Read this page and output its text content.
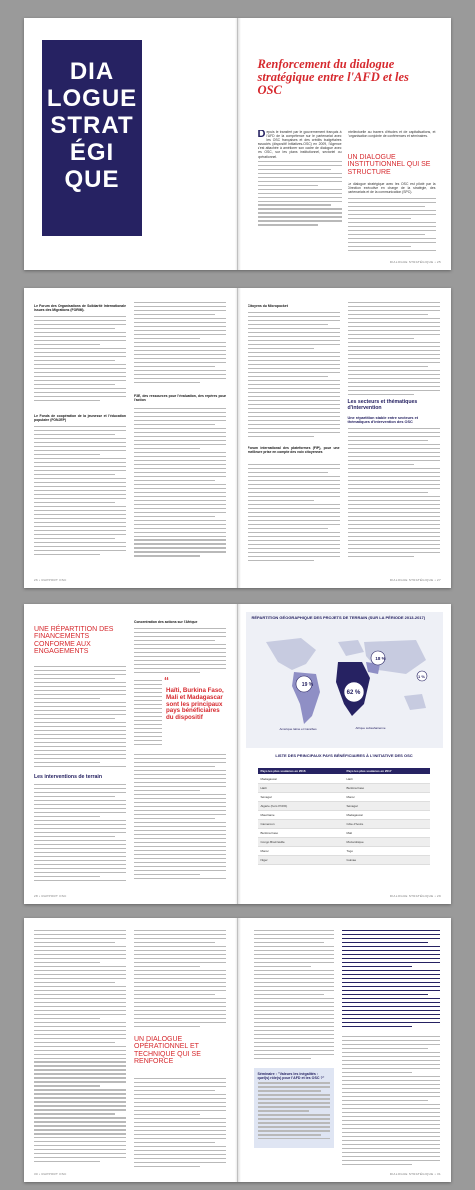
DIA
LOGUE
STRAT
ÉGI
QUE
Renforcement du dialogue stratégique entre l'AFD et les OSC

Depuis le transfert par le gouvernement français à l'AFD de la compétence sur le partenariat avec les OSC françaises et des crédits budgétaires associés (dispositif Initiatives-OSC) en 2009, l'Agence s'est attachée à améliorer son cadre de dialogue avec les OSC, sur les plans institutionnel, sectoriel ou opérationnel.

intellectuelle au travers d'études et de capitalisations, et l'organisation conjointe de conférences et séminaires.

UN DIALOGUE INSTITUTIONNEL QUI SE STRUCTURE

Le dialogue stratégique avec les OSC est piloté par la Direction exécutive en charge de la stratégie, des partenariats et de la communication (SPC).

DIALOGUE STRATÉGIQUE • 25

Le Forum des Organisations de Solidarité Internationale issues des Migrations (FORIM).

Le Fonds de coopération de la jeunesse et l'éducation populaire (FONJEP)

F3E, des ressources pour l'évaluation, des repères pour l'action

26 • RAPPORT OSC

Citoyens du Micropocket

Forum international des plateformes (FIP), pour une meilleure prise en compte des voix citoyennes

Les secteurs et thématiques d'intervention
Une répartition stable entre secteurs et thématiques d'intervention des OSC
DIALOGUE STRATÉGIQUE • 27
UNE RÉPARTITION DES FINANCEMENTS CONFORME AUX ENGAGEMENTS
Les interventions de terrain

Concentration des actions sur l'Afrique

“
Haïti, Burkina Faso, Mali et Madagascar sont les principaux pays bénéficiaires du dispositif
28 • RAPPORT OSC
RÉPARTITION GÉOGRAPHIQUE DES PROJETS DE TERRAIN (SUR LA PÉRIODE 2013-2017)
19 %
18 %
62 %
1 %
Amérique latine et Caraïbes	Afrique subsaharienne
LISTE DES PRINCIPAUX PAYS BÉNÉFICIAIRES À L'INITIATIVE DES OSC
Pays les plus soutenus en 2016	Pays les plus soutenus en 2017
Madagascar	Haïti
Haïti	Burkina Faso
Sénégal	Maroc
Algérie (hors PCPA)	Sénégal
Mauritanie	Madagascar
Cameroun	Côte d'Ivoire
Burkina Faso	Mali
Congo Brazzaville	Mozambique
Maroc	Togo
Niger	Guinée
DIALOGUE STRATÉGIQUE • 29
UN DIALOGUE OPÉRATIONNEL ET TECHNIQUE QUI SE RENFORCE
30 • RAPPORT OSC
Séminaire : "Valeurs les inégalités : quel(s) rôle(s) pour l'AFD et les OSC ?"
DIALOGUE STRATÉGIQUE • 31
